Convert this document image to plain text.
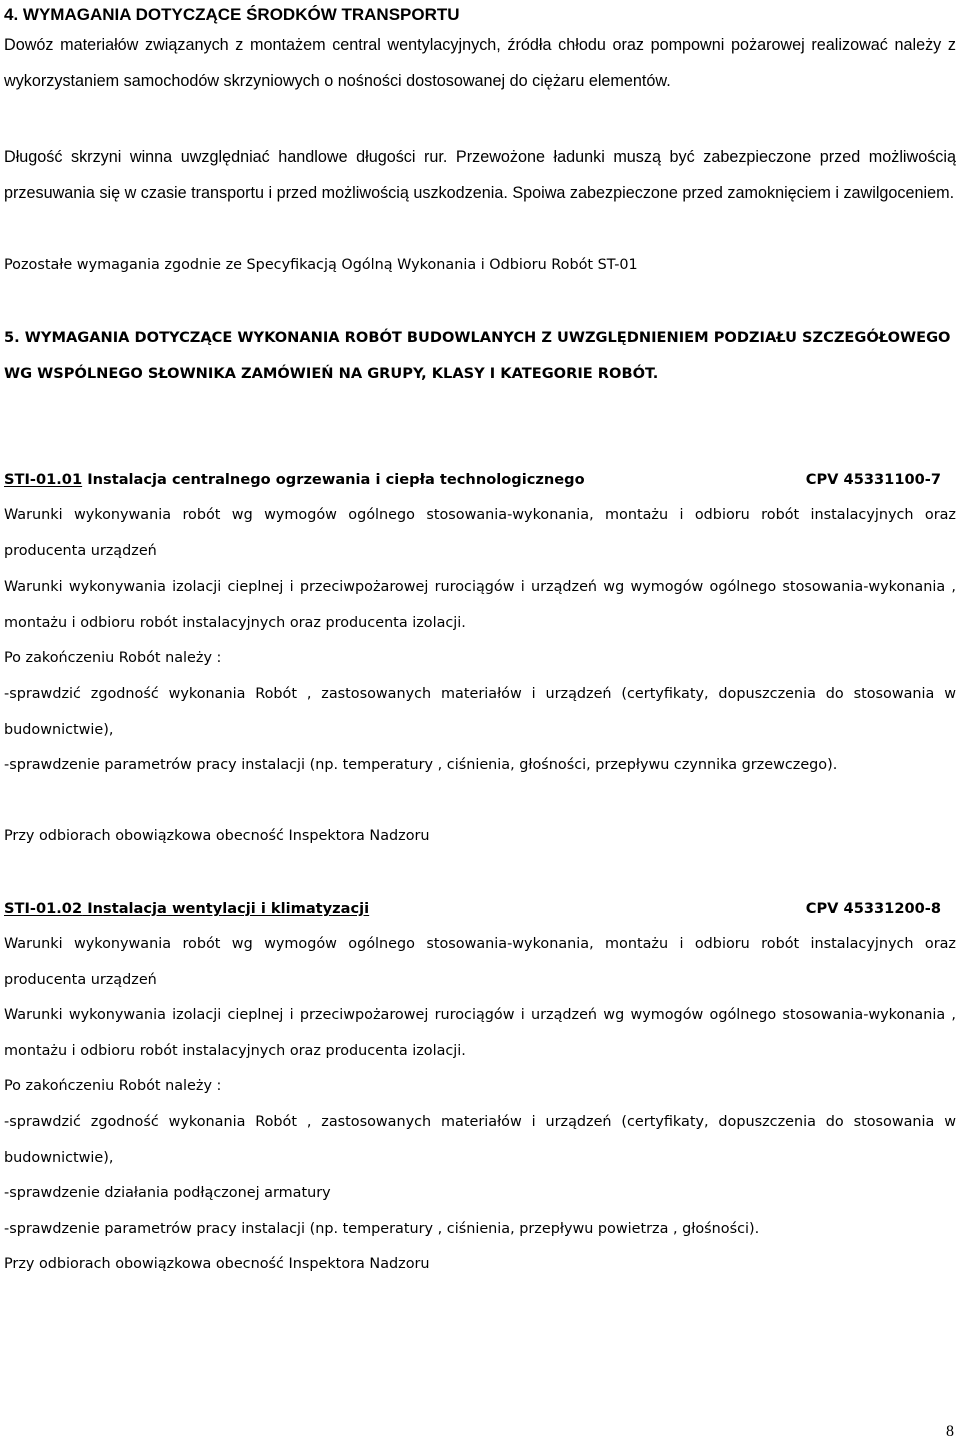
4. WYMAGANIA DOTYCZĄCE ŚRODKÓW TRANSPORTU
Dowóz materiałów związanych z montażem central wentylacyjnych, źródła chłodu oraz pompowni pożarowej realizować należy z wykorzystaniem samochodów skrzyniowych o nośności dostosowanej do ciężaru elementów.
Długość skrzyni winna uwzględniać handlowe długości rur. Przewożone ładunki muszą być zabezpieczone przed możliwością przesuwania się w czasie transportu i przed możliwością uszkodzenia. Spoiwa zabezpieczone przed zamoknięciem i zawilgoceniem.
Pozostałe wymagania zgodnie ze Specyfikacją Ogólną Wykonania i Odbioru Robót ST-01
5. WYMAGANIA DOTYCZĄCE WYKONANIA ROBÓT BUDOWLANYCH Z UWZGLĘDNIENIEM PODZIAŁU SZCZEGÓŁOWEGO WG WSPÓLNEGO SŁOWNIKA ZAMÓWIEŃ NA GRUPY, KLASY I KATEGORIE ROBÓT.
STI-01.01 Instalacja centralnego ogrzewania i ciepła technologicznego	CPV 45331100-7
Warunki wykonywania robót wg wymogów ogólnego stosowania-wykonania, montażu i odbioru robót instalacyjnych oraz producenta urządzeń
Warunki wykonywania izolacji cieplnej i przeciwpożarowej rurociągów i urządzeń wg wymogów ogólnego stosowania-wykonania , montażu i odbioru robót instalacyjnych oraz producenta izolacji.
Po zakończeniu Robót należy :
-sprawdzić zgodność wykonania Robót , zastosowanych materiałów i urządzeń (certyfikaty, dopuszczenia do stosowania w budownictwie),
-sprawdzenie parametrów pracy instalacji (np. temperatury , ciśnienia, głośności, przepływu czynnika grzewczego).
Przy odbiorach obowiązkowa obecność Inspektora Nadzoru
STI-01.02 Instalacja wentylacji i klimatyzacji	CPV 45331200-8
Warunki wykonywania robót wg wymogów ogólnego stosowania-wykonania, montażu i odbioru robót instalacyjnych oraz producenta urządzeń
Warunki wykonywania izolacji cieplnej i przeciwpożarowej rurociągów i urządzeń wg wymogów ogólnego stosowania-wykonania , montażu i odbioru robót instalacyjnych oraz producenta izolacji.
Po zakończeniu Robót należy :
-sprawdzić zgodność wykonania Robót , zastosowanych materiałów i urządzeń (certyfikaty, dopuszczenia do stosowania w budownictwie),
-sprawdzenie działania podłączonej armatury
-sprawdzenie parametrów pracy instalacji (np. temperatury , ciśnienia, przepływu powietrza , głośności).
Przy odbiorach obowiązkowa obecność Inspektora Nadzoru
8
